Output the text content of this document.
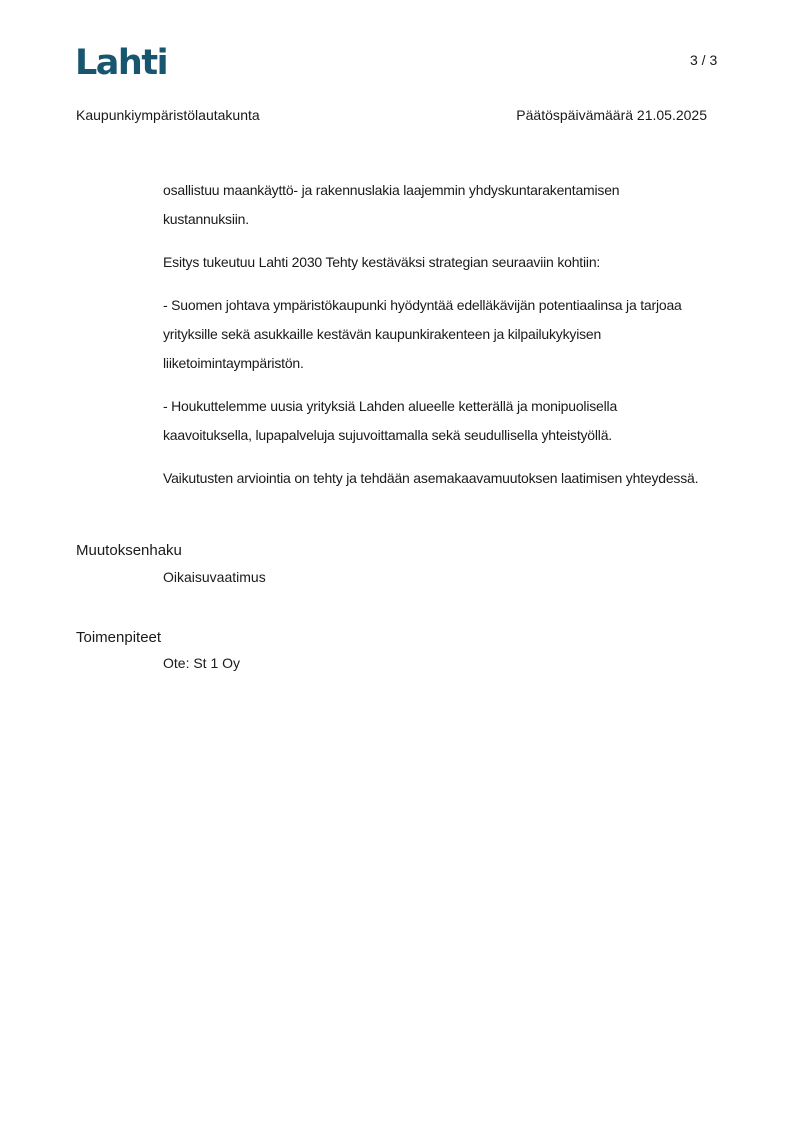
Lahti	3 / 3
Kaupunkiympäristölautakunta	Päätöspäivämäärä 21.05.2025

osallistuu maankäyttö- ja rakennuslakia laajemmin yhdyskuntarakentamisen kustannuksiin.

Esitys tukeutuu Lahti 2030 Tehty kestäväksi strategian seuraaviin kohtiin:

- Suomen johtava ympäristökaupunki hyödyntää edelläkävijän potentiaalinsa ja tarjoaa yrityksille sekä asukkaille kestävän kaupunkirakenteen ja kilpailukykyisen liiketoimintaympäristön.

- Houkuttelemme uusia yrityksiä Lahden alueelle ketterällä ja monipuolisella kaavoituksella, lupapalveluja sujuvoittamalla sekä seudullisella yhteistyöllä.

Vaikutusten arviointia on tehty ja tehdään asemakaavamuutoksen laatimisen yhteydessä.

Muutoksenhaku
Oikaisuvaatimus
Toimenpiteet
Ote: St 1 Oy
